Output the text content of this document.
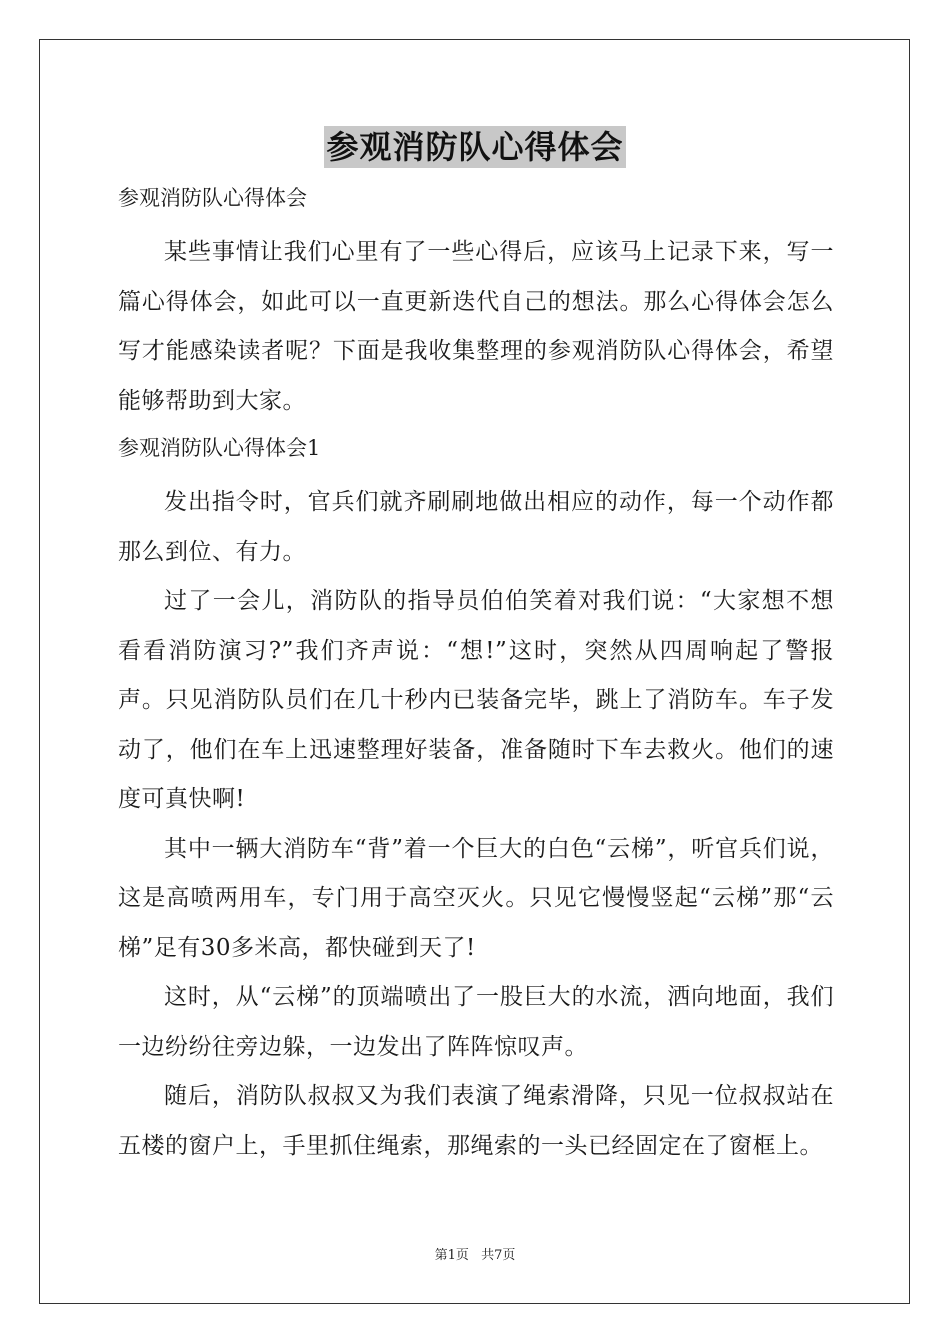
参观消防队心得体会
参观消防队心得体会

某些事情让我们心里有了一些心得后，应该马上记录下来，写一篇心得体会，如此可以一直更新迭代自己的想法。那么心得体会怎么写才能感染读者呢？下面是我收集整理的参观消防队心得体会，希望能够帮助到大家。

参观消防队心得体会1

发出指令时，官兵们就齐刷刷地做出相应的动作，每一个动作都那么到位、有力。

过了一会儿，消防队的指导员伯伯笑着对我们说：“大家想不想看看消防演习?”我们齐声说：“想!”这时，突然从四周响起了警报声。只见消防队员们在几十秒内已装备完毕，跳上了消防车。车子发动了，他们在车上迅速整理好装备，准备随时下车去救火。他们的速度可真快啊!

其中一辆大消防车“背”着一个巨大的白色“云梯”，听官兵们说，这是高喷两用车，专门用于高空灭火。只见它慢慢竖起“云梯”那“云梯”足有30多米高，都快碰到天了!

这时，从“云梯”的顶端喷出了一股巨大的水流，洒向地面，我们一边纷纷往旁边躲，一边发出了阵阵惊叹声。

随后，消防队叔叔又为我们表演了绳索滑降，只见一位叔叔站在五楼的窗户上，手里抓住绳索，那绳索的一头已经固定在了窗框上。

第1页 共7页
